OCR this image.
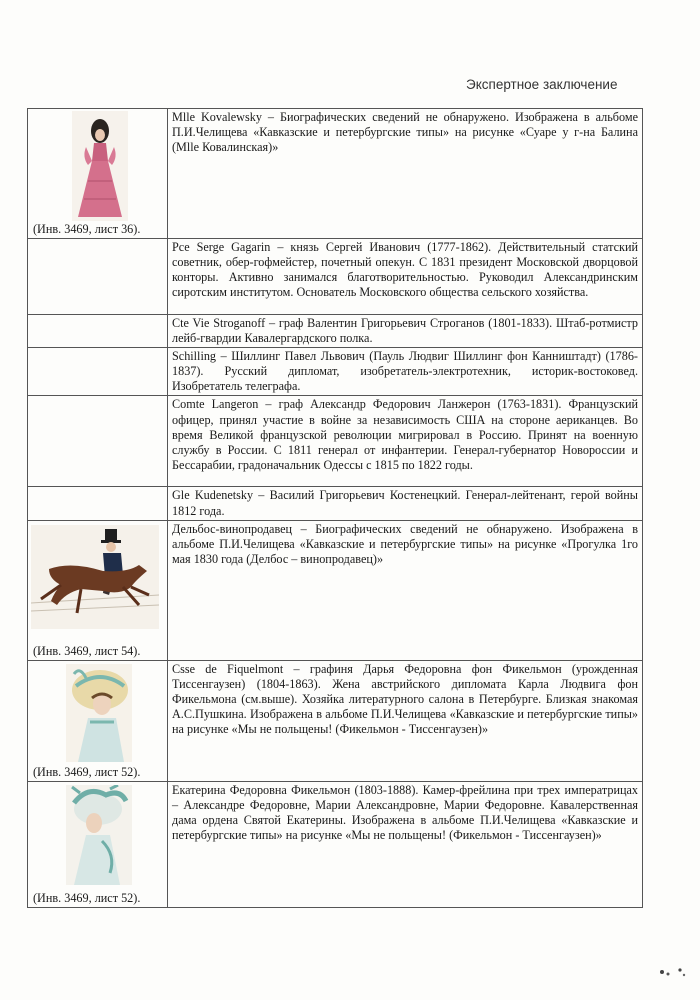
Экспертное заключение
(Инв. 3469, лист 36).	Mlle Kovalewsky – Биографических сведений не обнаружено. Изображена в альбоме П.И.Челищева «Кавказские и петербургские типы» на рисунке «Суаре у г-на Балина (Mlle Ковалинская)»
	Pce Serge Gagarin – князь Сергей Иванович (1777-1862). Действительный статский советник, обер-гофмейстер, почетный опекун. С 1831 президент Московской дворцовой конторы. Активно занимался благотворительностью. Руководил Александринским сиротским институтом. Основатель Московского общества сельского хозяйства.
	Cte Vie Stroganoff – граф Валентин Григорьевич Строганов (1801-1833). Штаб-ротмистр лейб-гвардии Кавалергардского полка.
	Schilling – Шиллинг Павел Львович (Пауль Людвиг Шиллинг фон Канништадт) (1786-1837). Русский дипломат, изобретатель-электротехник, историк-востоковед. Изобретатель телеграфа.
	Comte Langeron – граф Александр Федорович Ланжерон (1763-1831). Французский офицер, принял участие в войне за независимость США на стороне аериканцев. Во время Великой французской революции мигрировал в Россию. Принят на военную службу в России. С 1811 генерал от инфантерии. Генерал-губернатор Новороссии и Бессарабии, градоначальник Одессы с 1815 по 1822 годы.
	Gle Kudenetsky – Василий Григорьевич Костенецкий. Генерал-лейтенант, герой войны 1812 года.

(Инв. 3469, лист 54).	Дельбос-винопродавец – Биографических сведений не обнаружено. Изображена в альбоме П.И.Челищева «Кавказские и петербургские типы» на рисунке «Прогулка 1го мая 1830 года (Делбос – винопродавец)»

(Инв. 3469, лист 52).	Csse de Fiquelmont – графиня Дарья Федоровна фон Фикельмон (урожденная Тиссенгаузен) (1804-1863). Жена австрийского дипломата Карла Людвига фон Фикельмона (см.выше). Хозяйка литературного салона в Петербурге. Близкая знакомая А.С.Пушкина. Изображена в альбоме П.И.Челищева «Кавказские и петербургские типы» на рисунке «Мы не польщены! (Фикельмон - Тиссенгаузен)»

(Инв. 3469, лист 52).	Екатерина Федоровна Фикельмон (1803-1888). Камер-фрейлина при трех императрицах – Александре Федоровне, Марии Александровне, Марии Федоровне. Кавалерственная дама ордена Святой Екатерины. Изображена в альбоме П.И.Челищева «Кавказские и петербургские типы» на рисунке «Мы не польщены! (Фикельмон - Тиссенгаузен)»
